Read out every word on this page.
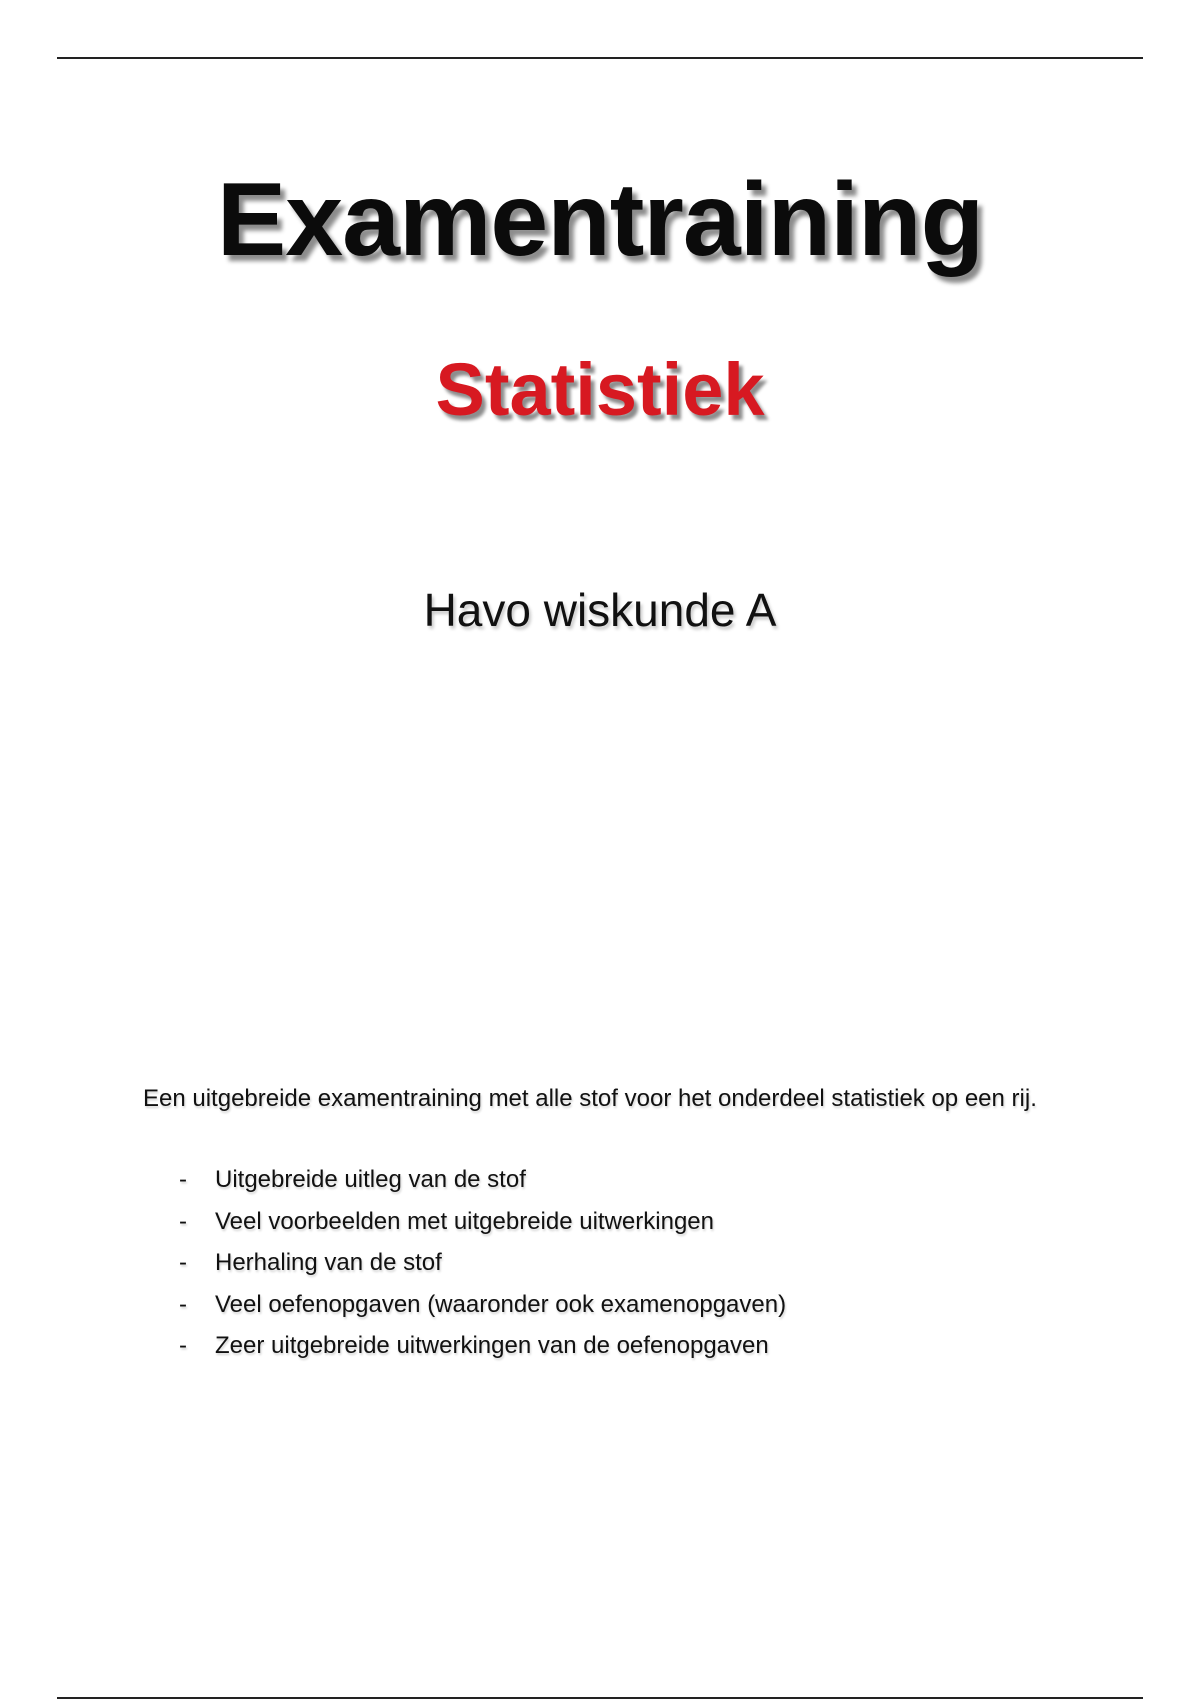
Examentraining
Statistiek
Havo wiskunde A

Een uitgebreide examentraining met alle stof voor het onderdeel statistiek op een rij.

- Uitgebreide uitleg van de stof
- Veel voorbeelden met uitgebreide uitwerkingen
- Herhaling van de stof
- Veel oefenopgaven (waaronder ook examenopgaven)
- Zeer uitgebreide uitwerkingen van de oefenopgaven
